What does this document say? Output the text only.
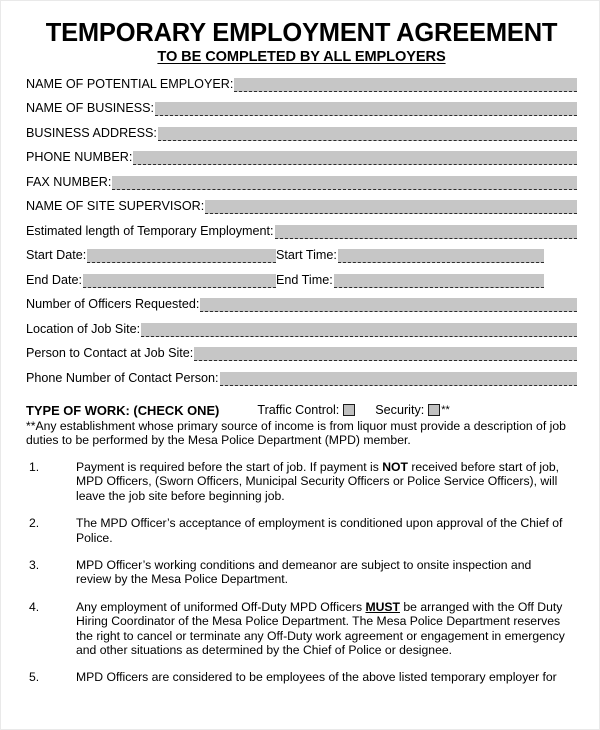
TEMPORARY EMPLOYMENT AGREEMENT
TO BE COMPLETED BY ALL EMPLOYERS
NAME OF POTENTIAL EMPLOYER:
NAME OF BUSINESS:
BUSINESS ADDRESS:
PHONE NUMBER:
FAX NUMBER:
NAME OF SITE SUPERVISOR:
Estimated length of Temporary Employment:
Start Date:	Start Time:
End Date:	End Time:
Number of Officers Requested:
Location of Job Site:
Person to Contact at Job Site:
Phone Number of Contact Person:
TYPE OF WORK: (CHECK ONE)	Traffic Control:	Security:	**
**Any establishment whose primary source of income is from liquor must provide a description of job duties to be performed by the Mesa Police Department (MPD) member.
1.	Payment is required before the start of job. If payment is NOT received before start of job, MPD Officers, (Sworn Officers, Municipal Security Officers or Police Service Officers), will leave the job site before beginning job.
2.	The MPD Officer’s acceptance of employment is conditioned upon approval of the Chief of Police.
3.	MPD Officer’s working conditions and demeanor are subject to onsite inspection and review by the Mesa Police Department.
4.	Any employment of uniformed Off-Duty MPD Officers MUST be arranged with the Off Duty Hiring Coordinator of the Mesa Police Department. The Mesa Police Department reserves the right to cancel or terminate any Off-Duty work agreement or engagement in emergency and other situations as determined by the Chief of Police or designee.
5.	MPD Officers are considered to be employees of the above listed temporary employer for
